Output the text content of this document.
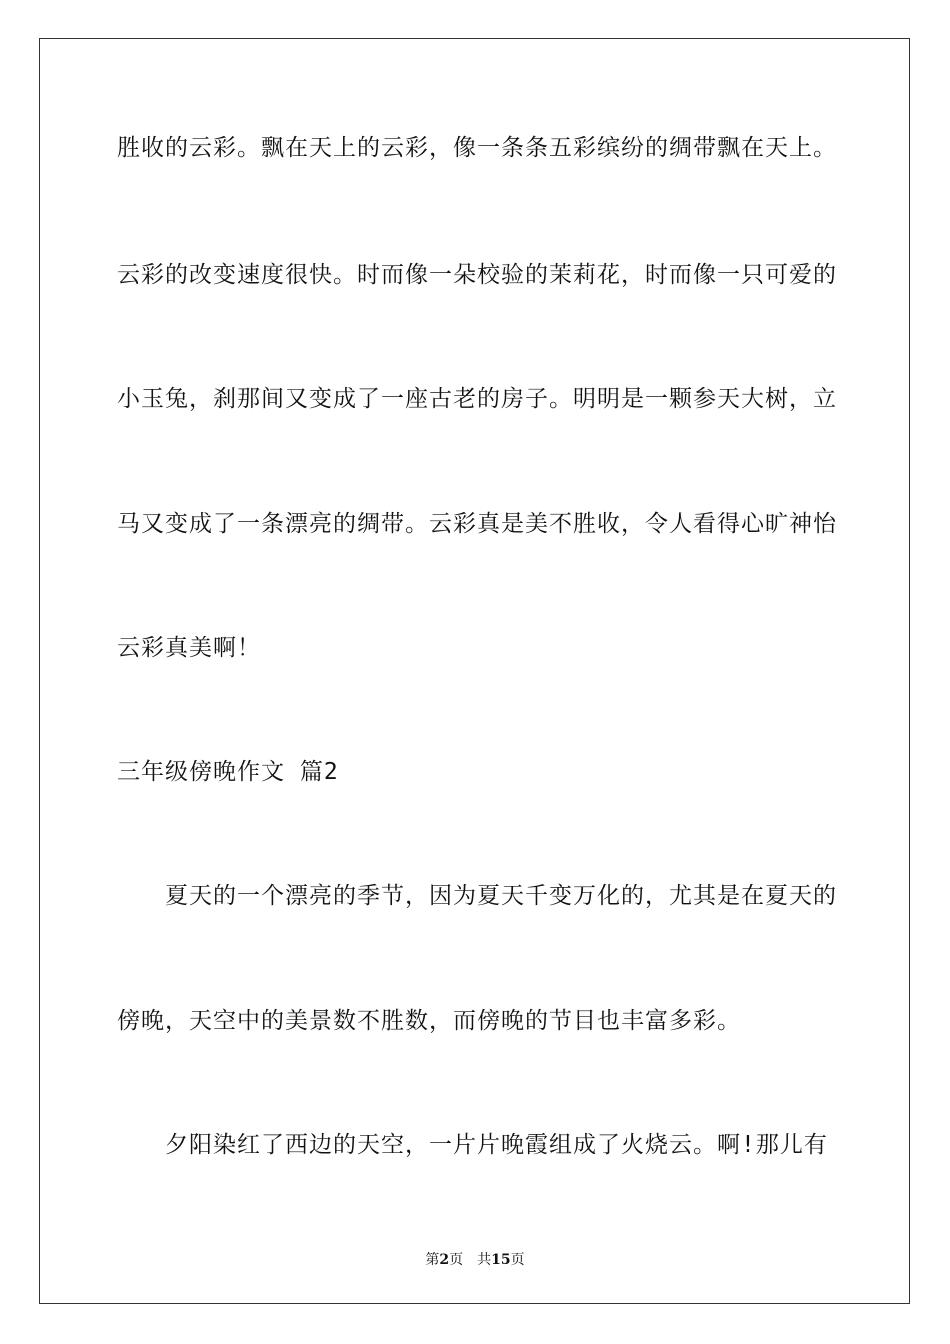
胜收的云彩。飘在天上的云彩，像一条条五彩缤纷的绸带飘在天上。
云彩的改变速度很快。时而像一朵校验的茉莉花，时而像一只可爱的
小玉兔，刹那间又变成了一座古老的房子。明明是一颗参天大树，立
马又变成了一条漂亮的绸带。云彩真是美不胜收，令人看得心旷神怡
云彩真美啊！
三年级傍晚作文 篇2
夏天的一个漂亮的季节，因为夏天千变万化的，尤其是在夏天的
傍晚，天空中的美景数不胜数，而傍晚的节目也丰富多彩。
夕阳染红了西边的天空，一片片晚霞组成了火烧云。啊!那儿有
第2页 共15页
